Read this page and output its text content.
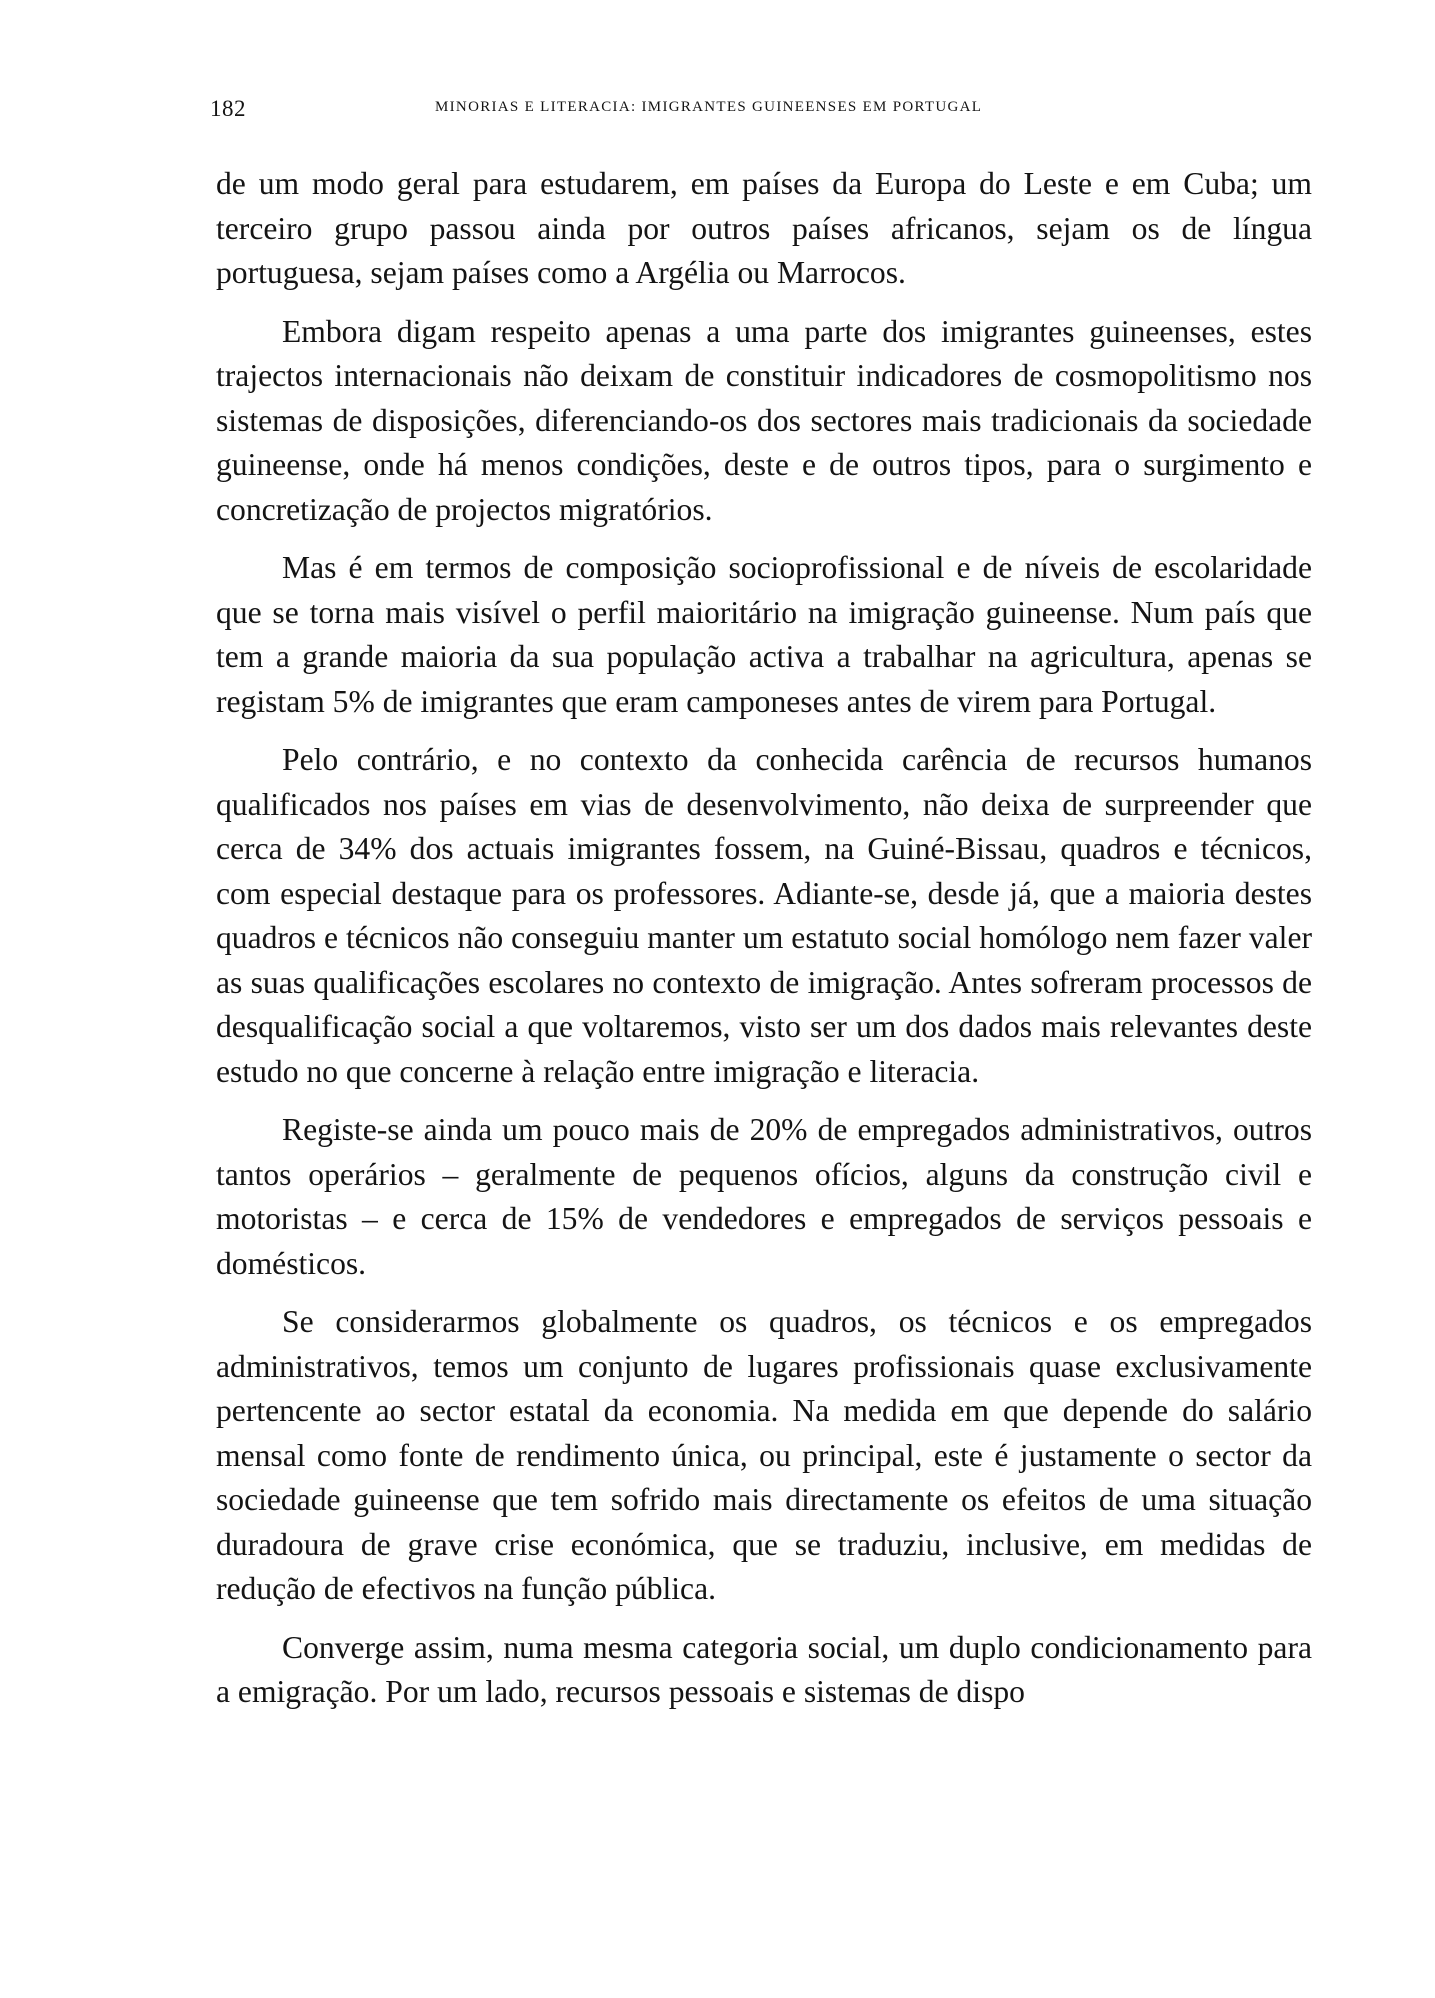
182	MINORIAS E LITERACIA: IMIGRANTES GUINEENSES EM PORTUGAL

de um modo geral para estudarem, em países da Europa do Leste e em Cuba; um terceiro grupo passou ainda por outros países africanos, sejam os de língua portuguesa, sejam países como a Argélia ou Marrocos.

Embora digam respeito apenas a uma parte dos imigrantes guineenses, estes trajectos internacionais não deixam de constituir indicadores de cosmopolitismo nos sistemas de disposições, diferenciando-os dos sectores mais tradicionais da sociedade guineense, onde há menos condições, deste e de outros tipos, para o surgimento e concretização de projectos migratórios.

Mas é em termos de composição socioprofissional e de níveis de escolaridade que se torna mais visível o perfil maioritário na imigração guineense. Num país que tem a grande maioria da sua população activa a trabalhar na agricultura, apenas se registam 5% de imigrantes que eram camponeses antes de virem para Portugal.

Pelo contrário, e no contexto da conhecida carência de recursos humanos qualificados nos países em vias de desenvolvimento, não deixa de surpreender que cerca de 34% dos actuais imigrantes fossem, na Guiné-Bissau, quadros e técnicos, com especial destaque para os professores. Adiante-se, desde já, que a maioria destes quadros e técnicos não conseguiu manter um estatuto social homólogo nem fazer valer as suas qualificações escolares no contexto de imigração. Antes sofreram processos de desqualificação social a que voltaremos, visto ser um dos dados mais relevantes deste estudo no que concerne à relação entre imigração e literacia.

Registe-se ainda um pouco mais de 20% de empregados administrativos, outros tantos operários – geralmente de pequenos ofícios, alguns da construção civil e motoristas – e cerca de 15% de vendedores e empregados de serviços pessoais e domésticos.

Se considerarmos globalmente os quadros, os técnicos e os empregados administrativos, temos um conjunto de lugares profissionais quase exclusivamente pertencente ao sector estatal da economia. Na medida em que depende do salário mensal como fonte de rendimento única, ou principal, este é justamente o sector da sociedade guineense que tem sofrido mais directamente os efeitos de uma situação duradoura de grave crise económica, que se traduziu, inclusive, em medidas de redução de efectivos na função pública.

Converge assim, numa mesma categoria social, um duplo condicionamento para a emigração. Por um lado, recursos pessoais e sistemas de dispo
